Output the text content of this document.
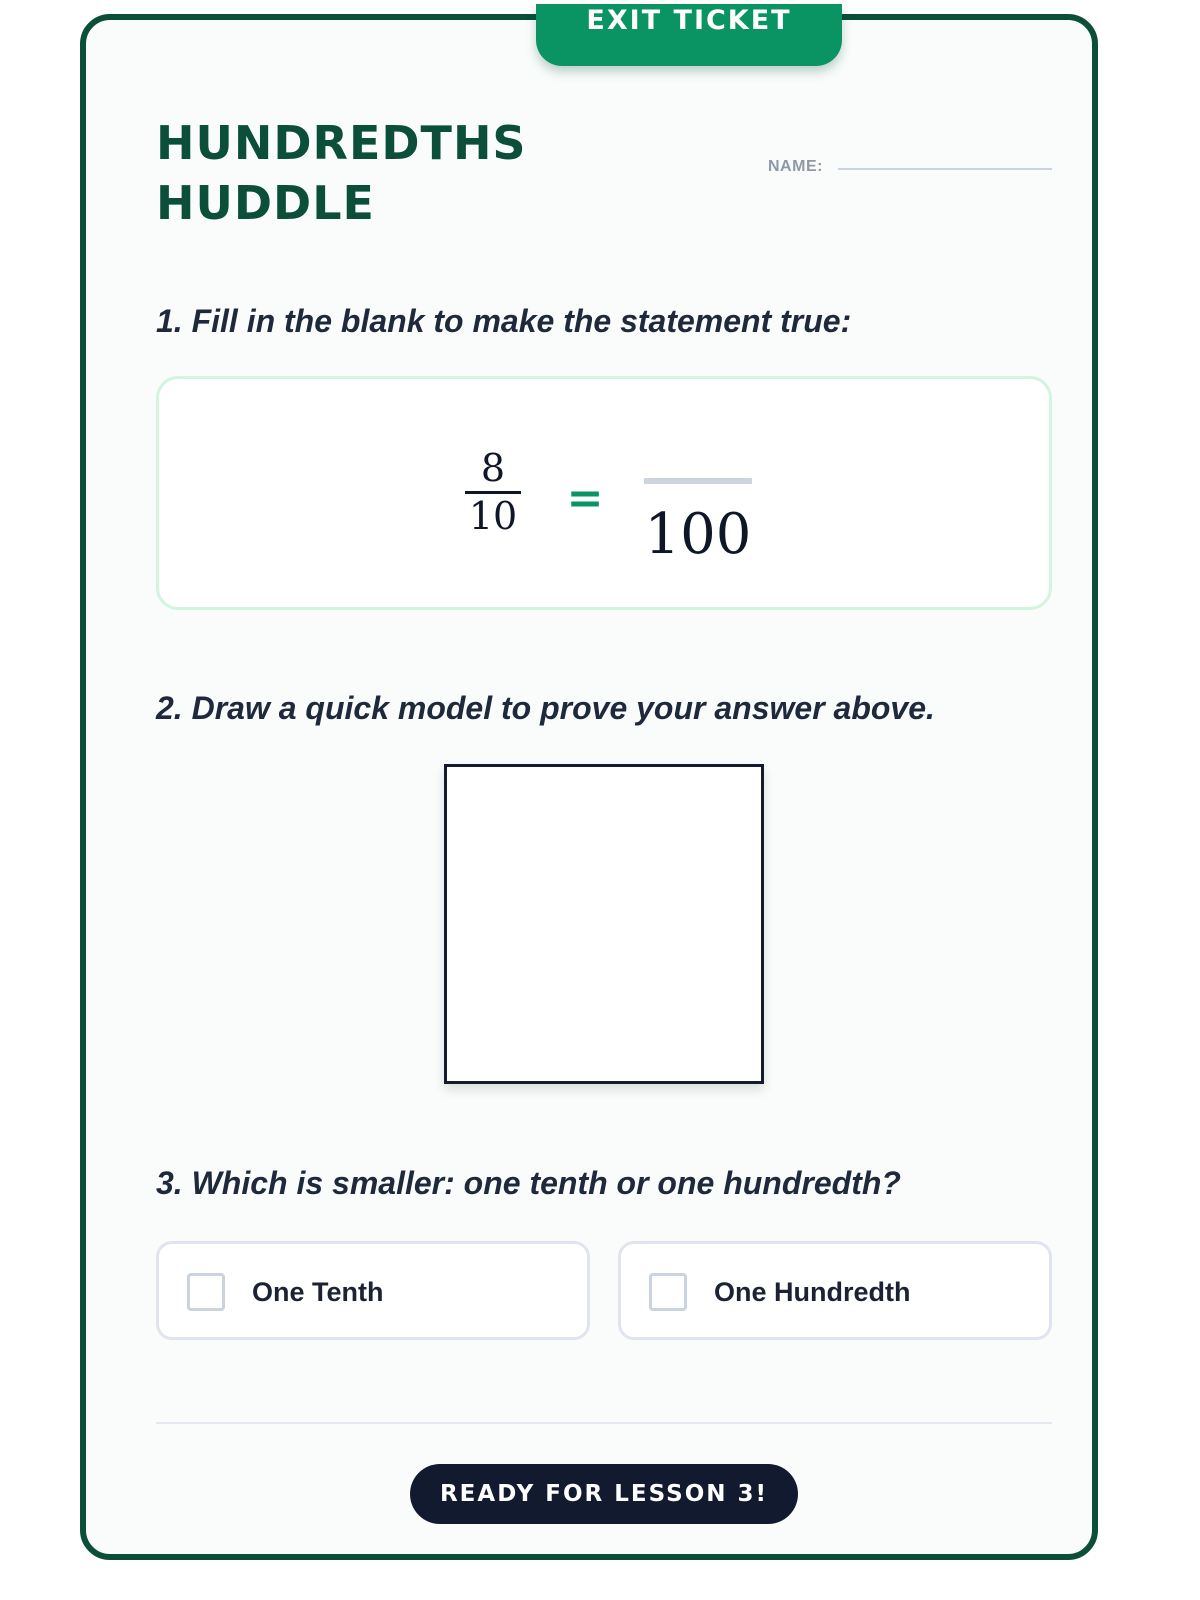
EXIT TICKET
HUNDREDTHS
HUDDLE
NAME:

1. Fill in the blank to make the statement true:

8
10 =
100

2. Draw a quick model to prove your answer above.

3. Which is smaller: one tenth or one hundredth?

One Tenth	One Hundredth
READY FOR LESSON 3!
